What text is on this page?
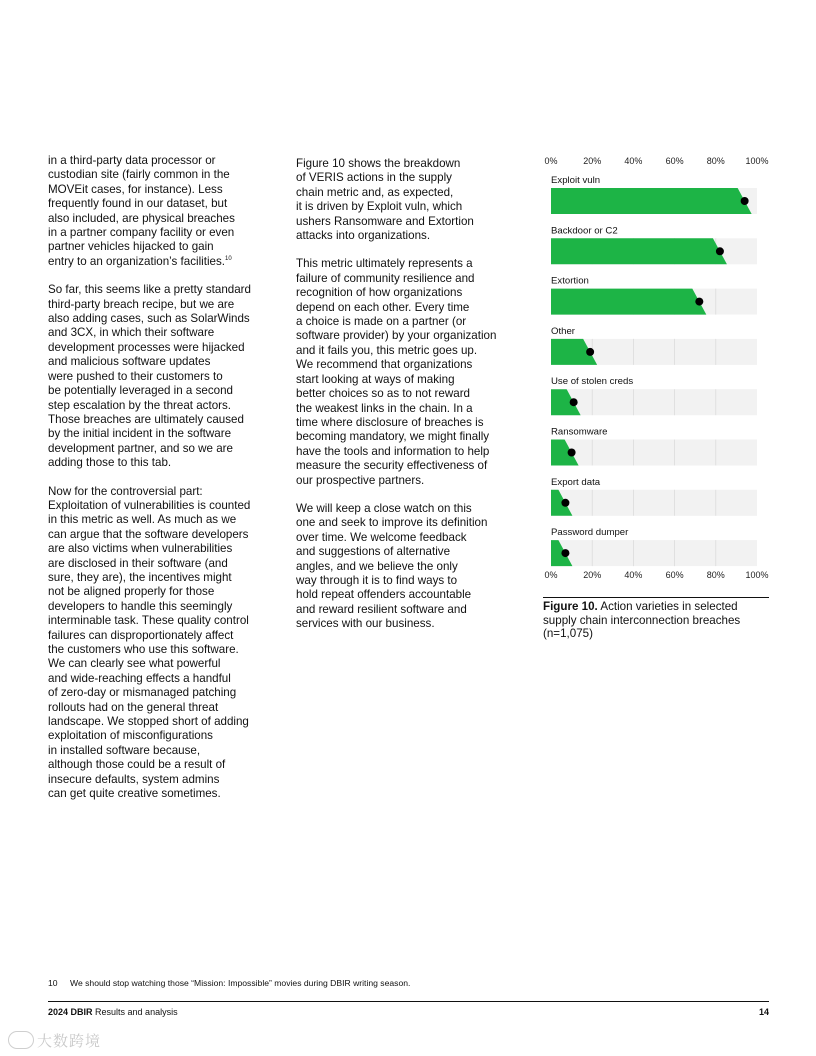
in a third-party data processor or
custodian site (fairly common in the
MOVEit cases, for instance). Less
frequently found in our dataset, but
also included, are physical breaches
in a partner company facility or even
partner vehicles hijacked to gain
entry to an organization’s facilities.$^{10}$

So far, this seems like a pretty standard
third-party breach recipe, but we are
also adding cases, such as SolarWinds
and 3CX, in which their software
development processes were hijacked
and malicious software updates
were pushed to their customers to
be potentially leveraged in a second
step escalation by the threat actors.
Those breaches are ultimately caused
by the initial incident in the software
development partner, and so we are
adding those to this tab.

Now for the controversial part:
Exploitation of vulnerabilities is counted
in this metric as well. As much as we
can argue that the software developers
are also victims when vulnerabilities
are disclosed in their software (and
sure, they are), the incentives might
not be aligned properly for those
developers to handle this seemingly
interminable task. These quality control
failures can disproportionately affect
the customers who use this software.
We can clearly see what powerful
and wide-reaching effects a handful
of zero-day or mismanaged patching
rollouts had on the general threat
landscape. We stopped short of adding
exploitation of misconfigurations
in installed software because,
although those could be a result of
insecure defaults, system admins
can get quite creative sometimes.

Figure 10 shows the breakdown
of VERIS actions in the supply
chain metric and, as expected,
it is driven by Exploit vuln, which
ushers Ransomware and Extortion
attacks into organizations.

This metric ultimately represents a
failure of community resilience and
recognition of how organizations
depend on each other. Every time
a choice is made on a partner (or
software provider) by your organization
and it fails you, this metric goes up.
We recommend that organizations
start looking at ways of making
better choices so as to not reward
the weakest links in the chain. In a
time where disclosure of breaches is
becoming mandatory, we might finally
have the tools and information to help
measure the security effectiveness of
our prospective partners.

We will keep a close watch on this
one and seek to improve its definition
over time. We welcome feedback
and suggestions of alternative
angles, and we believe the only
way through it is to find ways to
hold repeat offenders accountable
and reward resilient software and
services with our business.

0%
0%
20%
20%
40%
40%
60%
60%
80%
80%
100%
100%
Exploit vuln
Backdoor or C2
Extortion
Other
Use of stolen creds
Ransomware
Export data
Password dumper
Figure 10. Action varieties in selected supply chain interconnection breaches (n=1,075)
10 We should stop watching those “Mission: Impossible” movies during DBIR writing season.
2024 DBIR Results and analysis	14
大数跨境
